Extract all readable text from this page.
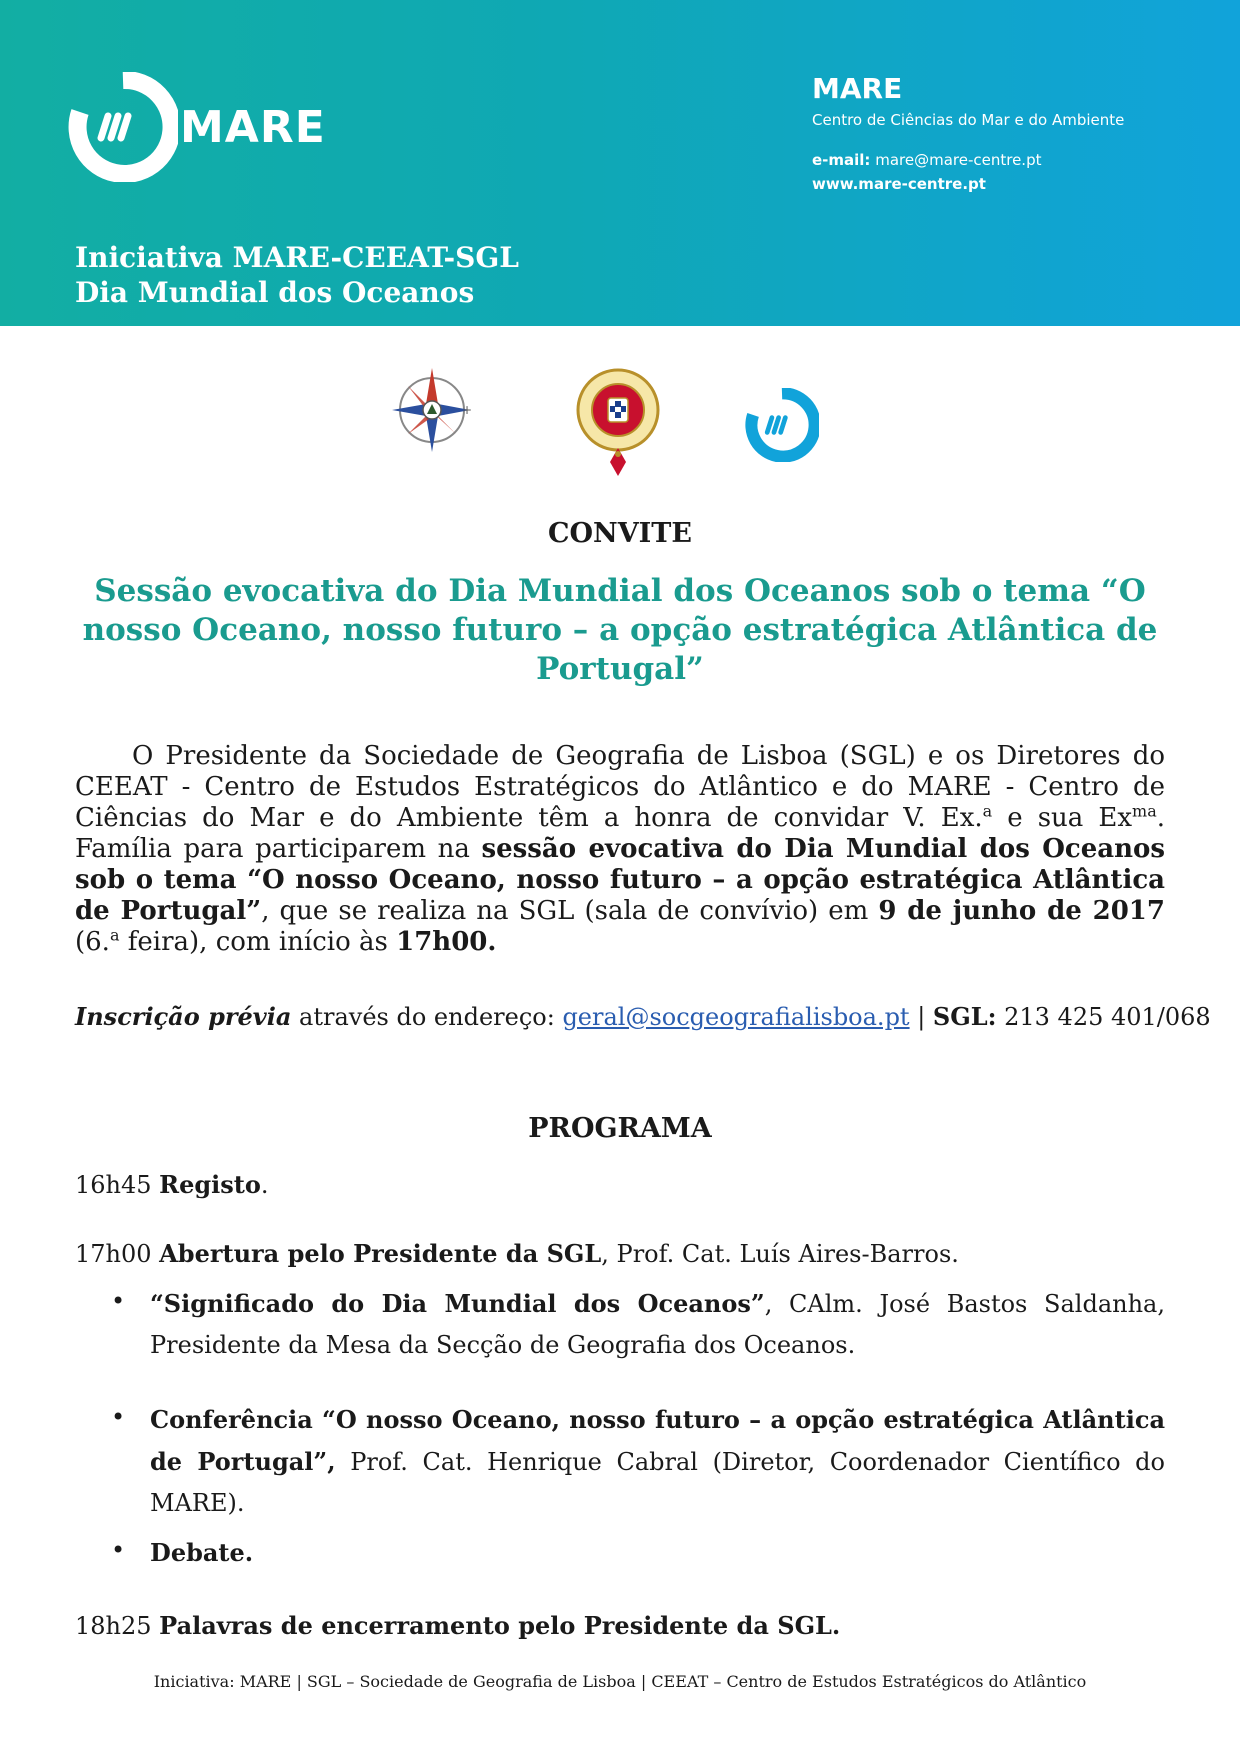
MARE
MARE
Centro de Ciências do Mar e do Ambiente
e-mail: mare@mare-centre.pt
www.mare-centre.pt
Iniciativa MARE-CEEAT-SGL
Dia Mundial dos Oceanos
+
CONVITE
Sessão evocativa do Dia Mundial dos Oceanos sob o tema “O nosso Oceano, nosso futuro – a opção estratégica Atlântica de Portugal”
O Presidente da Sociedade de Geografia de Lisboa (SGL) e os Diretores do CEEAT - Centro de Estudos Estratégicos do Atlântico e do MARE - Centro de Ciências do Mar e do Ambiente têm a honra de convidar V. Ex.$^a$ e sua $Ex^{ma}$. Família para participarem na sessão evocativa do Dia Mundial dos Oceanos sob o tema “O nosso Oceano, nosso futuro – a opção estratégica Atlântica de Portugal”, que se realiza na SGL (sala de convívio) em 9 de junho de 2017 (6.$^a$ feira), com início às 17h00.
Inscrição prévia através do endereço: geral@socgeografialisboa.pt | SGL: 213 425 401/068
PROGRAMA
16h45 Registo.
17h00 Abertura pelo Presidente da SGL, Prof. Cat. Luís Aires-Barros.
• “Significado do Dia Mundial dos Oceanos”, CAlm. José Bastos Saldanha, Presidente da Mesa da Secção de Geografia dos Oceanos.
• Conferência “O nosso Oceano, nosso futuro – a opção estratégica Atlântica de Portugal”, Prof. Cat. Henrique Cabral (Diretor, Coordenador Científico do MARE).
• Debate.
18h25 Palavras de encerramento pelo Presidente da SGL.
Iniciativa: MARE | SGL – Sociedade de Geografia de Lisboa | CEEAT – Centro de Estudos Estratégicos do Atlântico
